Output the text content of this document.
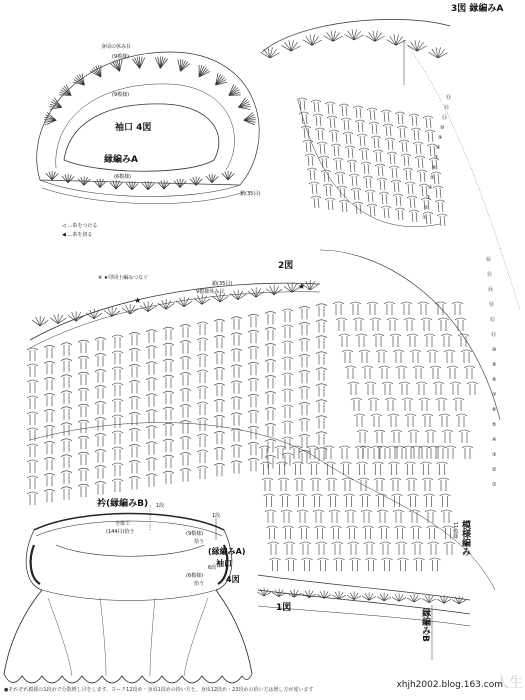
3図 縁編みA
⑬
⑫
⑪
⑩
⑨
⑧
⑦
⑥
⑤
④
③
②
①
身頃の休み目
(9模様)
(9模様)
袖口 4図
縁編みA
(6模様)
鎖(35目)
◁ …糸をつける
◀ …糸を切る
2図
※ ★印同士編みつなぐ
鎖(35目)
9模様休み目
★
★
⑯
⑮
⑭
⑬
⑫
⑪
⑩
⑨
⑧
⑦
⑥
⑤
④
③
②
①
1図
模様編み
11模様
縁編みB
衿(縁編みB) 1段
全体で
(144目)拾う
1段
(9模様)
拾う
(縁編みA)
袖口
(6模様)
拾う	4図
6段
●それぞれ模様の1段めで分散増し目をします。ヨーク12段め・身頃1段めの拾い方と、身頃12段め・23段めの拾い方は増し方が違います	人生
xhjh2002.blog.163.com
